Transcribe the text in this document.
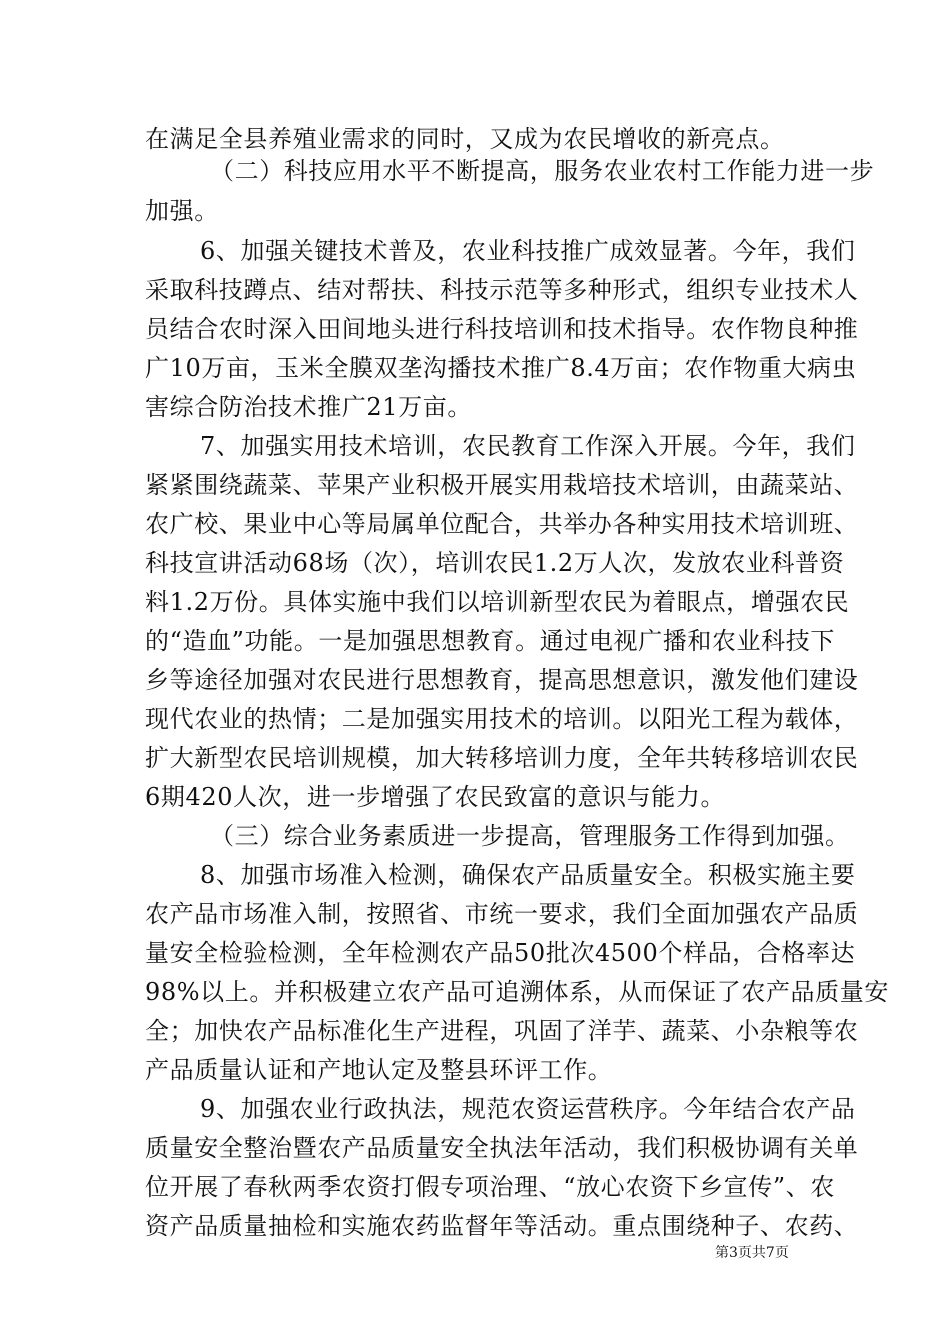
在满足全县养殖业需求的同时，又成为农民增收的新亮点。
（二）科技应用水平不断提高，服务农业农村工作能力进一步
加强。
6、加强关键技术普及，农业科技推广成效显著。今年，我们
采取科技蹲点、结对帮扶、科技示范等多种形式，组织专业技术人
员结合农时深入田间地头进行科技培训和技术指导。农作物良种推
广10万亩，玉米全膜双垄沟播技术推广8.4万亩；农作物重大病虫
害综合防治技术推广21万亩。
7、加强实用技术培训，农民教育工作深入开展。今年，我们
紧紧围绕蔬菜、苹果产业积极开展实用栽培技术培训，由蔬菜站、
农广校、果业中心等局属单位配合，共举办各种实用技术培训班、
科技宣讲活动68场（次），培训农民1.2万人次，发放农业科普资
料1.2万份。具体实施中我们以培训新型农民为着眼点，增强农民
的“造血”功能。一是加强思想教育。通过电视广播和农业科技下
乡等途径加强对农民进行思想教育，提高思想意识，激发他们建设
现代农业的热情；二是加强实用技术的培训。以阳光工程为载体，
扩大新型农民培训规模，加大转移培训力度，全年共转移培训农民
6期420人次，进一步增强了农民致富的意识与能力。
（三）综合业务素质进一步提高，管理服务工作得到加强。
8、加强市场准入检测，确保农产品质量安全。积极实施主要
农产品市场准入制，按照省、市统一要求，我们全面加强农产品质
量安全检验检测，全年检测农产品50批次4500个样品，合格率达
98%以上。并积极建立农产品可追溯体系，从而保证了农产品质量安
全；加快农产品标准化生产进程，巩固了洋芋、蔬菜、小杂粮等农
产品质量认证和产地认定及整县环评工作。
9、加强农业行政执法，规范农资运营秩序。今年结合农产品
质量安全整治暨农产品质量安全执法年活动，我们积极协调有关单
位开展了春秋两季农资打假专项治理、“放心农资下乡宣传”、农
资产品质量抽检和实施农药监督年等活动。重点围绕种子、农药、
第3页共7页
